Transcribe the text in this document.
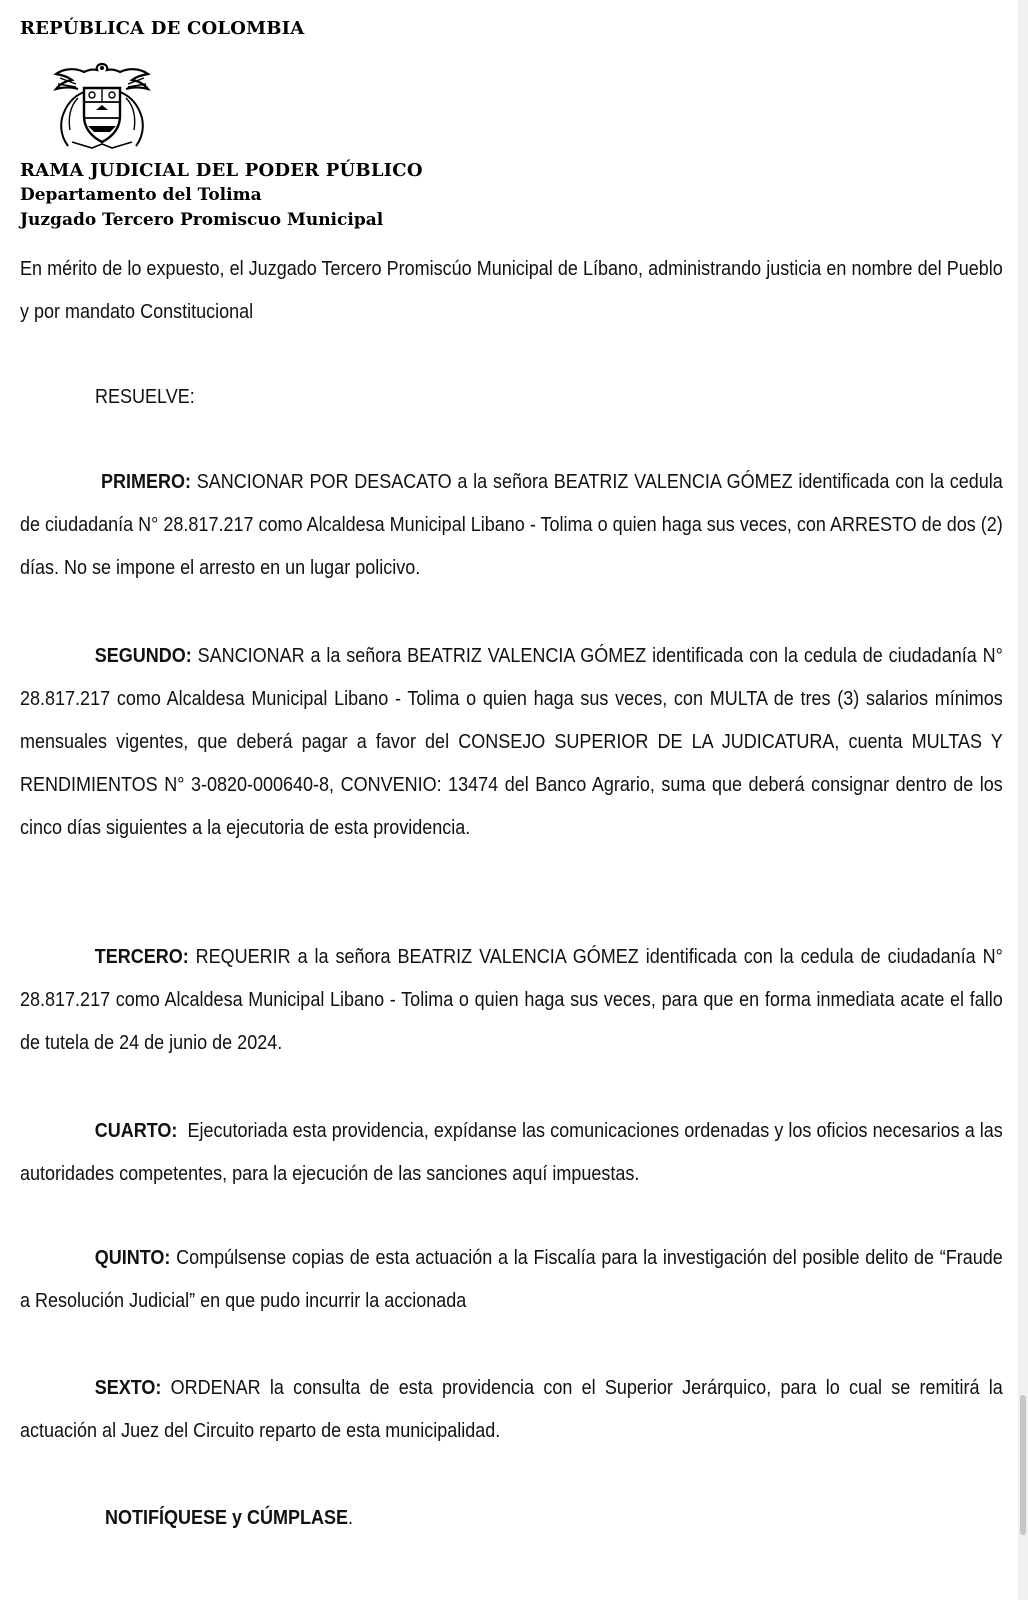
REPÚBLICA DE COLOMBIA

RAMA JUDICIAL DEL PODER PÚBLICO

Departamento del Tolima

Juzgado Tercero Promiscuo Municipal

En mérito de lo expuesto, el Juzgado Tercero Promiscúo Municipal de Líbano, administrando justicia en nombre del Pueblo y por mandato Constitucional

RESUELVE:

PRIMERO: SANCIONAR POR DESACATO a la señora BEATRIZ VALENCIA GÓMEZ identificada con la cedula de ciudadanía N° 28.817.217 como Alcaldesa Municipal Libano - Tolima o quien haga sus veces, con ARRESTO de dos (2) días. No se impone el arresto en un lugar policivo.

SEGUNDO: SANCIONAR a la señora BEATRIZ VALENCIA GÓMEZ identificada con la cedula de ciudadanía N° 28.817.217 como Alcaldesa Municipal Libano - Tolima o quien haga sus veces, con MULTA de tres (3) salarios mínimos mensuales vigentes, que deberá pagar a favor del CONSEJO SUPERIOR DE LA JUDICATURA, cuenta MULTAS Y RENDIMIENTOS N° 3-0820-000640-8, CONVENIO: 13474 del Banco Agrario, suma que deberá consignar dentro de los cinco días siguientes a la ejecutoria de esta providencia.

TERCERO: REQUERIR a la señora BEATRIZ VALENCIA GÓMEZ identificada con la cedula de ciudadanía N° 28.817.217 como Alcaldesa Municipal Libano - Tolima o quien haga sus veces, para que en forma inmediata acate el fallo de tutela de 24 de junio de 2024.

CUARTO:  Ejecutoriada esta providencia, expídanse las comunicaciones ordenadas y los oficios necesarios a las autoridades competentes, para la ejecución de las sanciones aquí impuestas.

QUINTO: Compúlsense copias de esta actuación a la Fiscalía para la investigación del posible delito de “Fraude a Resolución Judicial” en que pudo incurrir la accionada

SEXTO: ORDENAR la consulta de esta providencia con el Superior Jerárquico, para lo cual se remitirá la actuación al Juez del Circuito reparto de esta municipalidad.

NOTIFÍQUESE y CÚMPLASE.
